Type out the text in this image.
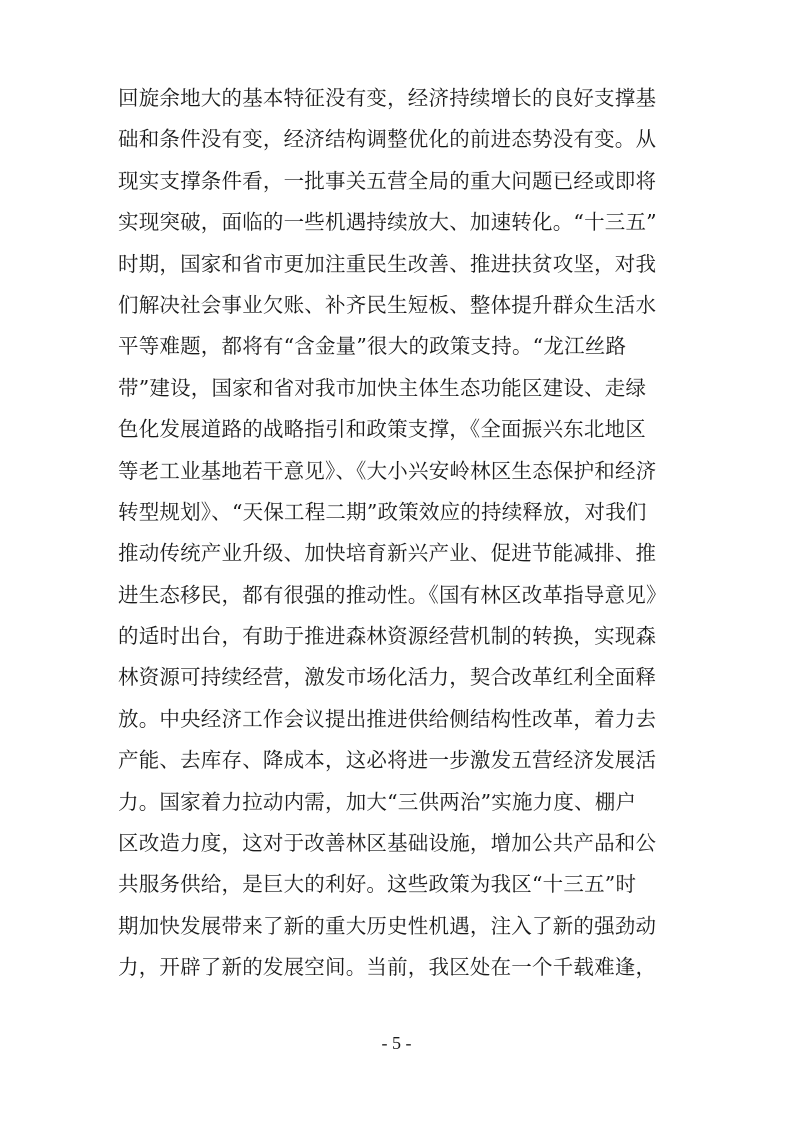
回旋余地大的基本特征没有变，经济持续增长的良好支撑基
础和条件没有变，经济结构调整优化的前进态势没有变。从
现实支撑条件看，一批事关五营全局的重大问题已经或即将
实现突破，面临的一些机遇持续放大、加速转化。“十三五”
时期，国家和省市更加注重民生改善、推进扶贫攻坚，对我
们解决社会事业欠账、补齐民生短板、整体提升群众生活水
平等难题，都将有“含金量”很大的政策支持。“龙江丝路
带”建设，国家和省对我市加快主体生态功能区建设、走绿
色化发展道路的战略指引和政策支撑，《全面振兴东北地区
等老工业基地若干意见》、《大小兴安岭林区生态保护和经济
转型规划》、“天保工程二期”政策效应的持续释放，对我们
推动传统产业升级、加快培育新兴产业、促进节能减排、推
进生态移民，都有很强的推动性。《国有林区改革指导意见》
的适时出台，有助于推进森林资源经营机制的转换，实现森
林资源可持续经营，激发市场化活力，契合改革红利全面释
放。中央经济工作会议提出推进供给侧结构性改革，着力去
产能、去库存、降成本，这必将进一步激发五营经济发展活
力。国家着力拉动内需，加大“三供两治”实施力度、棚户
区改造力度，这对于改善林区基础设施，增加公共产品和公
共服务供给，是巨大的利好。这些政策为我区“十三五”时
期加快发展带来了新的重大历史性机遇，注入了新的强劲动
力，开辟了新的发展空间。当前，我区处在一个千载难逢，
- 5 -
